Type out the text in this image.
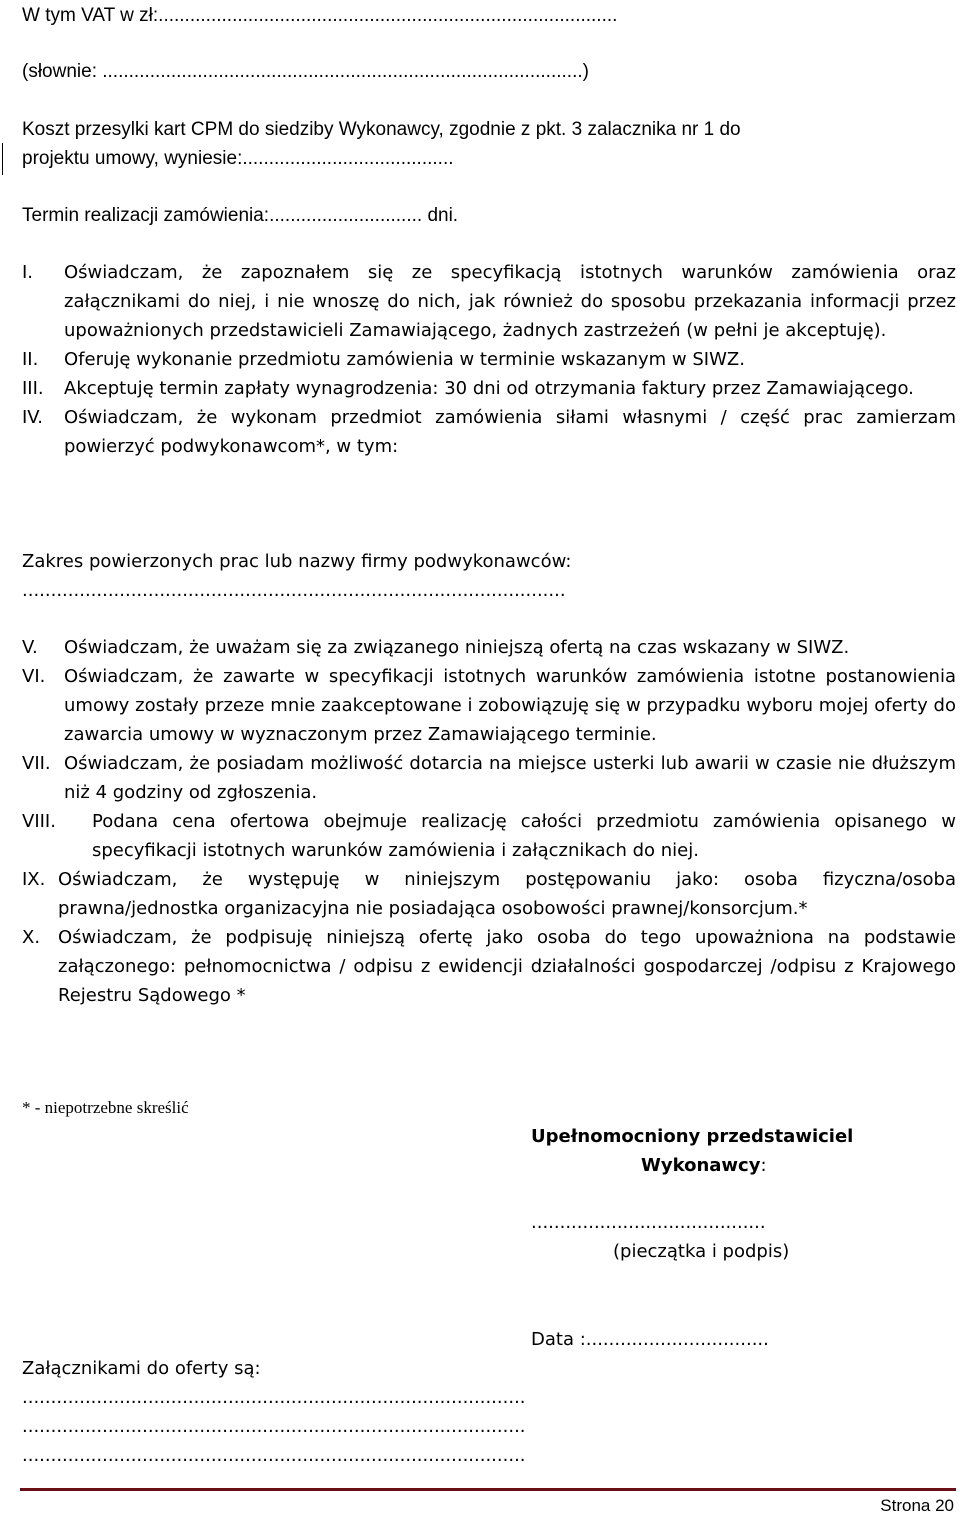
W tym VAT w zł:.......................................................................................
(słownie: ...........................................................................................)
Koszt przesylki kart CPM do siedziby Wykonawcy, zgodnie z pkt. 3 zalacznika nr 1 do
projektu umowy, wyniesie:........................................
Termin realizacji zamówienia:............................. dni.
I.	Oświadczam, że zapoznałem się ze specyfikacją istotnych warunków zamówienia oraz załącznikami do niej, i nie wnoszę do nich, jak również do sposobu przekazania informacji przez upoważnionych przedstawicieli Zamawiającego, żadnych zastrzeżeń (w pełni je akceptuję).
II.	Oferuję wykonanie przedmiotu zamówienia w terminie wskazanym w SIWZ.
III.	Akceptuję termin zapłaty wynagrodzenia: 30 dni od otrzymania faktury przez Zamawiającego.
IV.	Oświadczam, że wykonam przedmiot zamówienia siłami własnymi / część prac zamierzam powierzyć podwykonawcom*, w tym:
Zakres powierzonych prac lub nazwy firmy podwykonawców:
...............................................................................................
V.	Oświadczam, że uważam się za związanego niniejszą ofertą na czas wskazany w SIWZ.
VI.	Oświadczam, że zawarte w specyfikacji istotnych warunków zamówienia istotne postanowienia umowy zostały przeze mnie zaakceptowane i zobowiązuję się w przypadku wyboru mojej oferty do zawarcia umowy w wyznaczonym przez Zamawiającego terminie.
VII. Oświadczam, że posiadam możliwość dotarcia na miejsce usterki lub awarii w czasie nie dłuższym niż 4 godziny od zgłoszenia.
VIII.	Podana cena ofertowa obejmuje realizację całości przedmiotu zamówienia opisanego w specyfikacji istotnych warunków zamówienia i załącznikach do niej.
IX. Oświadczam, że występuję w niniejszym postępowaniu jako: osoba fizyczna/osoba prawna/jednostka organizacyjna nie posiadająca osobowości prawnej/konsorcjum.*
X. Oświadczam, że podpisuję niniejszą ofertę jako osoba do tego upoważniona na podstawie załączonego: pełnomocnictwa / odpisu z ewidencji działalności gospodarczej /odpisu z Krajowego Rejestru Sądowego *
* - niepotrzebne skreślić
Upełnomocniony przedstawiciel
Wykonawcy:
.........................................
(pieczątka i podpis)
Data :................................
Załącznikami do oferty są:
........................................................................................
........................................................................................
........................................................................................
Strona 20
